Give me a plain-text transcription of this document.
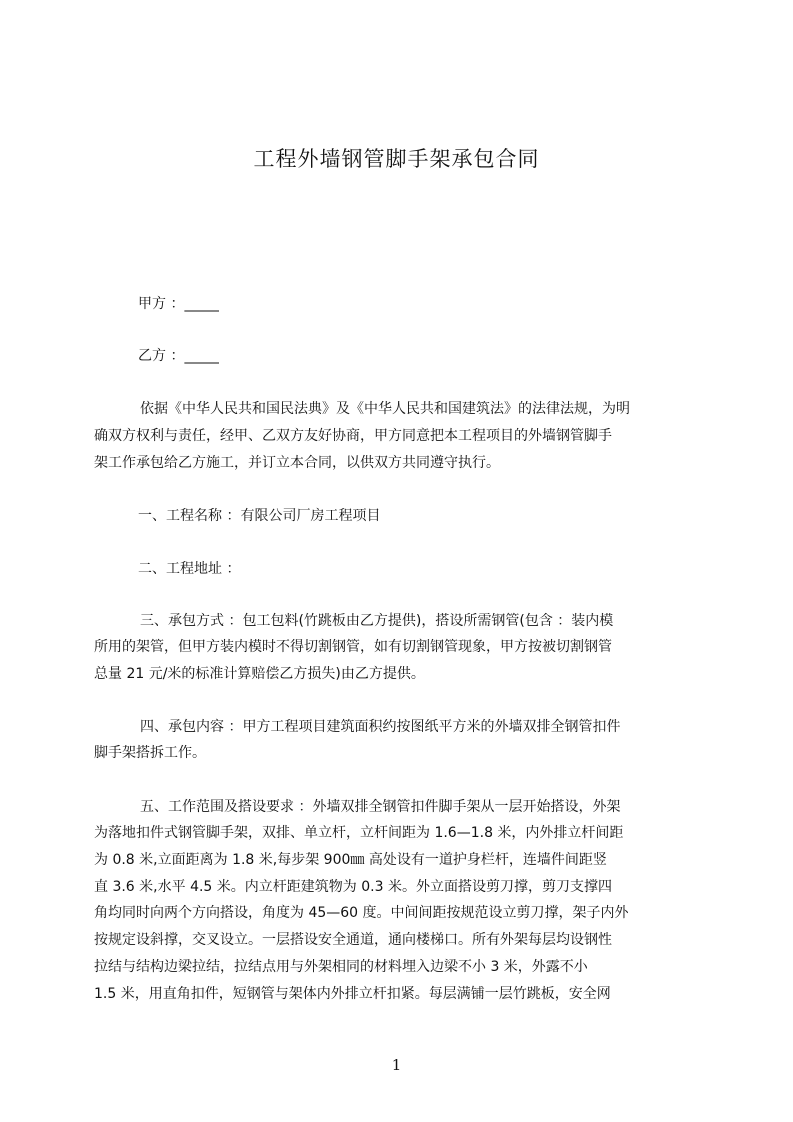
工程外墙钢管脚手架承包合同
甲方 ：_____
乙方 ：_____
依据《中华人民共和国民法典》及《中华人民共和国建筑法》的法律法规，为明
确双方权利与责任，经甲、乙双方友好协商，甲方同意把本工程项目的外墙钢管脚手
架工作承包给乙方施工，并订立本合同，以供双方共同遵守执行。
一、工程名称 ：有限公司厂房工程项目
二、工程地址 ：
三、承包方式 ：包工包料(竹跳板由乙方提供)，搭设所需钢管(包含 ：装内模
所用的架管，但甲方装内模时不得切割钢管，如有切割钢管现象，甲方按被切割钢管
总量 21 元/米的标准计算赔偿乙方损失)由乙方提供。
四、承包内容 ：甲方工程项目建筑面积约按图纸平方米的外墙双排全钢管扣件
脚手架搭拆工作。
五、工作范围及搭设要求 ：外墙双排全钢管扣件脚手架从一层开始搭设，外架
为落地扣件式钢管脚手架，双排、单立杆，立杆间距为 1.6—1.8 米，内外排立杆间距
为 0.8 米,立面距离为 1.8 米,每步架 900㎜ 高处设有一道护身栏杆，连墙件间距竖
直 3.6 米,水平 4.5 米。内立杆距建筑物为 0.3 米。外立面搭设剪刀撑，剪刀支撑四
角均同时向两个方向搭设，角度为 45—60 度。中间间距按规范设立剪刀撑，架子内外
按规定设斜撑，交叉设立。一层搭设安全通道，通向楼梯口。所有外架每层均设钢性
拉结与结构边梁拉结，拉结点用与外架相同的材料埋入边梁不小 3 米，外露不小
1.5 米，用直角扣件，短钢管与架体内外排立杆扣紧。每层满铺一层竹跳板，安全网
1
